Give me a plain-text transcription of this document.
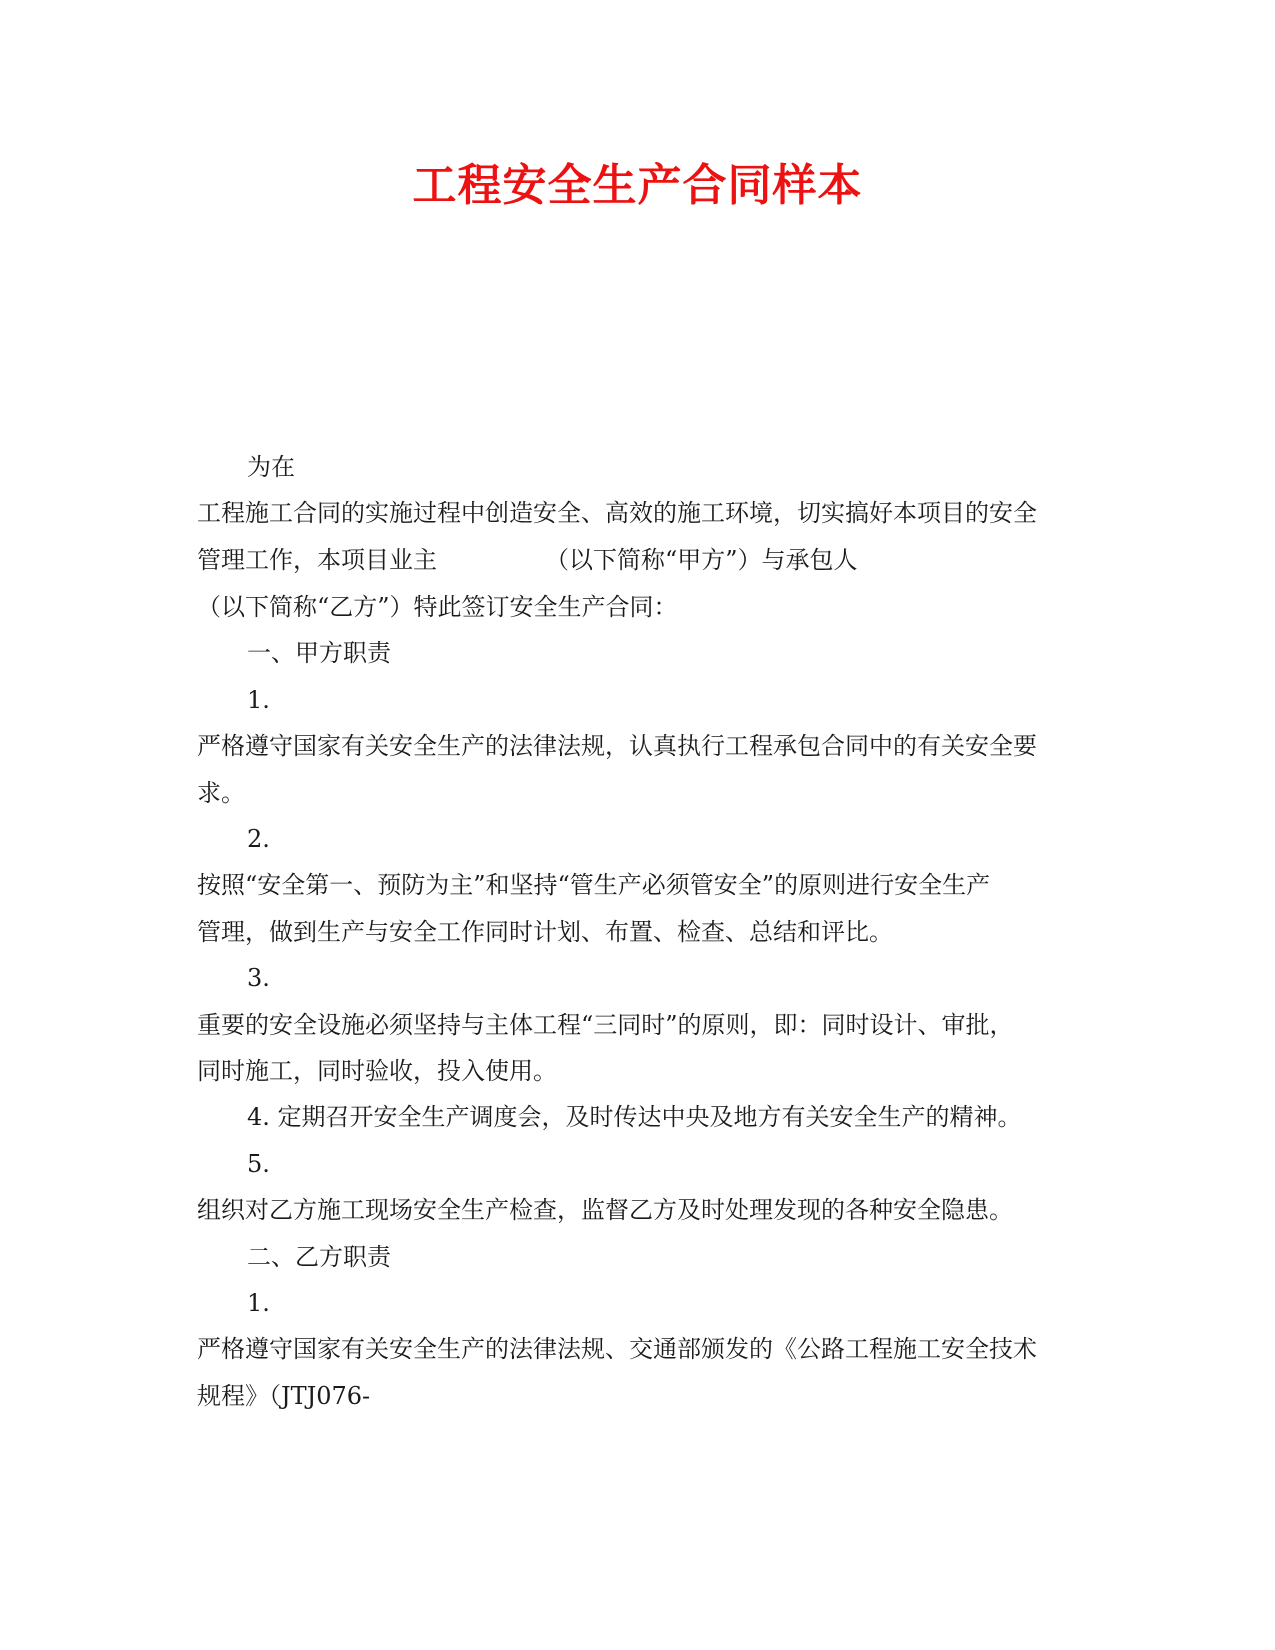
工程安全生产合同样本

为在

工程施工合同的实施过程中创造安全、高效的施工环境，切实搞好本项目的安全

管理工作，本项目业主	（以下简称“甲方”）与承包人

（以下简称“乙方”）特此签订安全生产合同：

一、甲方职责

1.

严格遵守国家有关安全生产的法律法规，认真执行工程承包合同中的有关安全要

求。

2.

按照“安全第一、预防为主”和坚持“管生产必须管安全”的原则进行安全生产

管理，做到生产与安全工作同时计划、布置、检查、总结和评比。

3.

重要的安全设施必须坚持与主体工程“三同时”的原则，即：同时设计、审批，

同时施工，同时验收，投入使用。

4. 定期召开安全生产调度会，及时传达中央及地方有关安全生产的精神。

5.

组织对乙方施工现场安全生产检查，监督乙方及时处理发现的各种安全隐患。

二、乙方职责

1.

严格遵守国家有关安全生产的法律法规、交通部颁发的《公路工程施工安全技术

规程》（JTJ076-
